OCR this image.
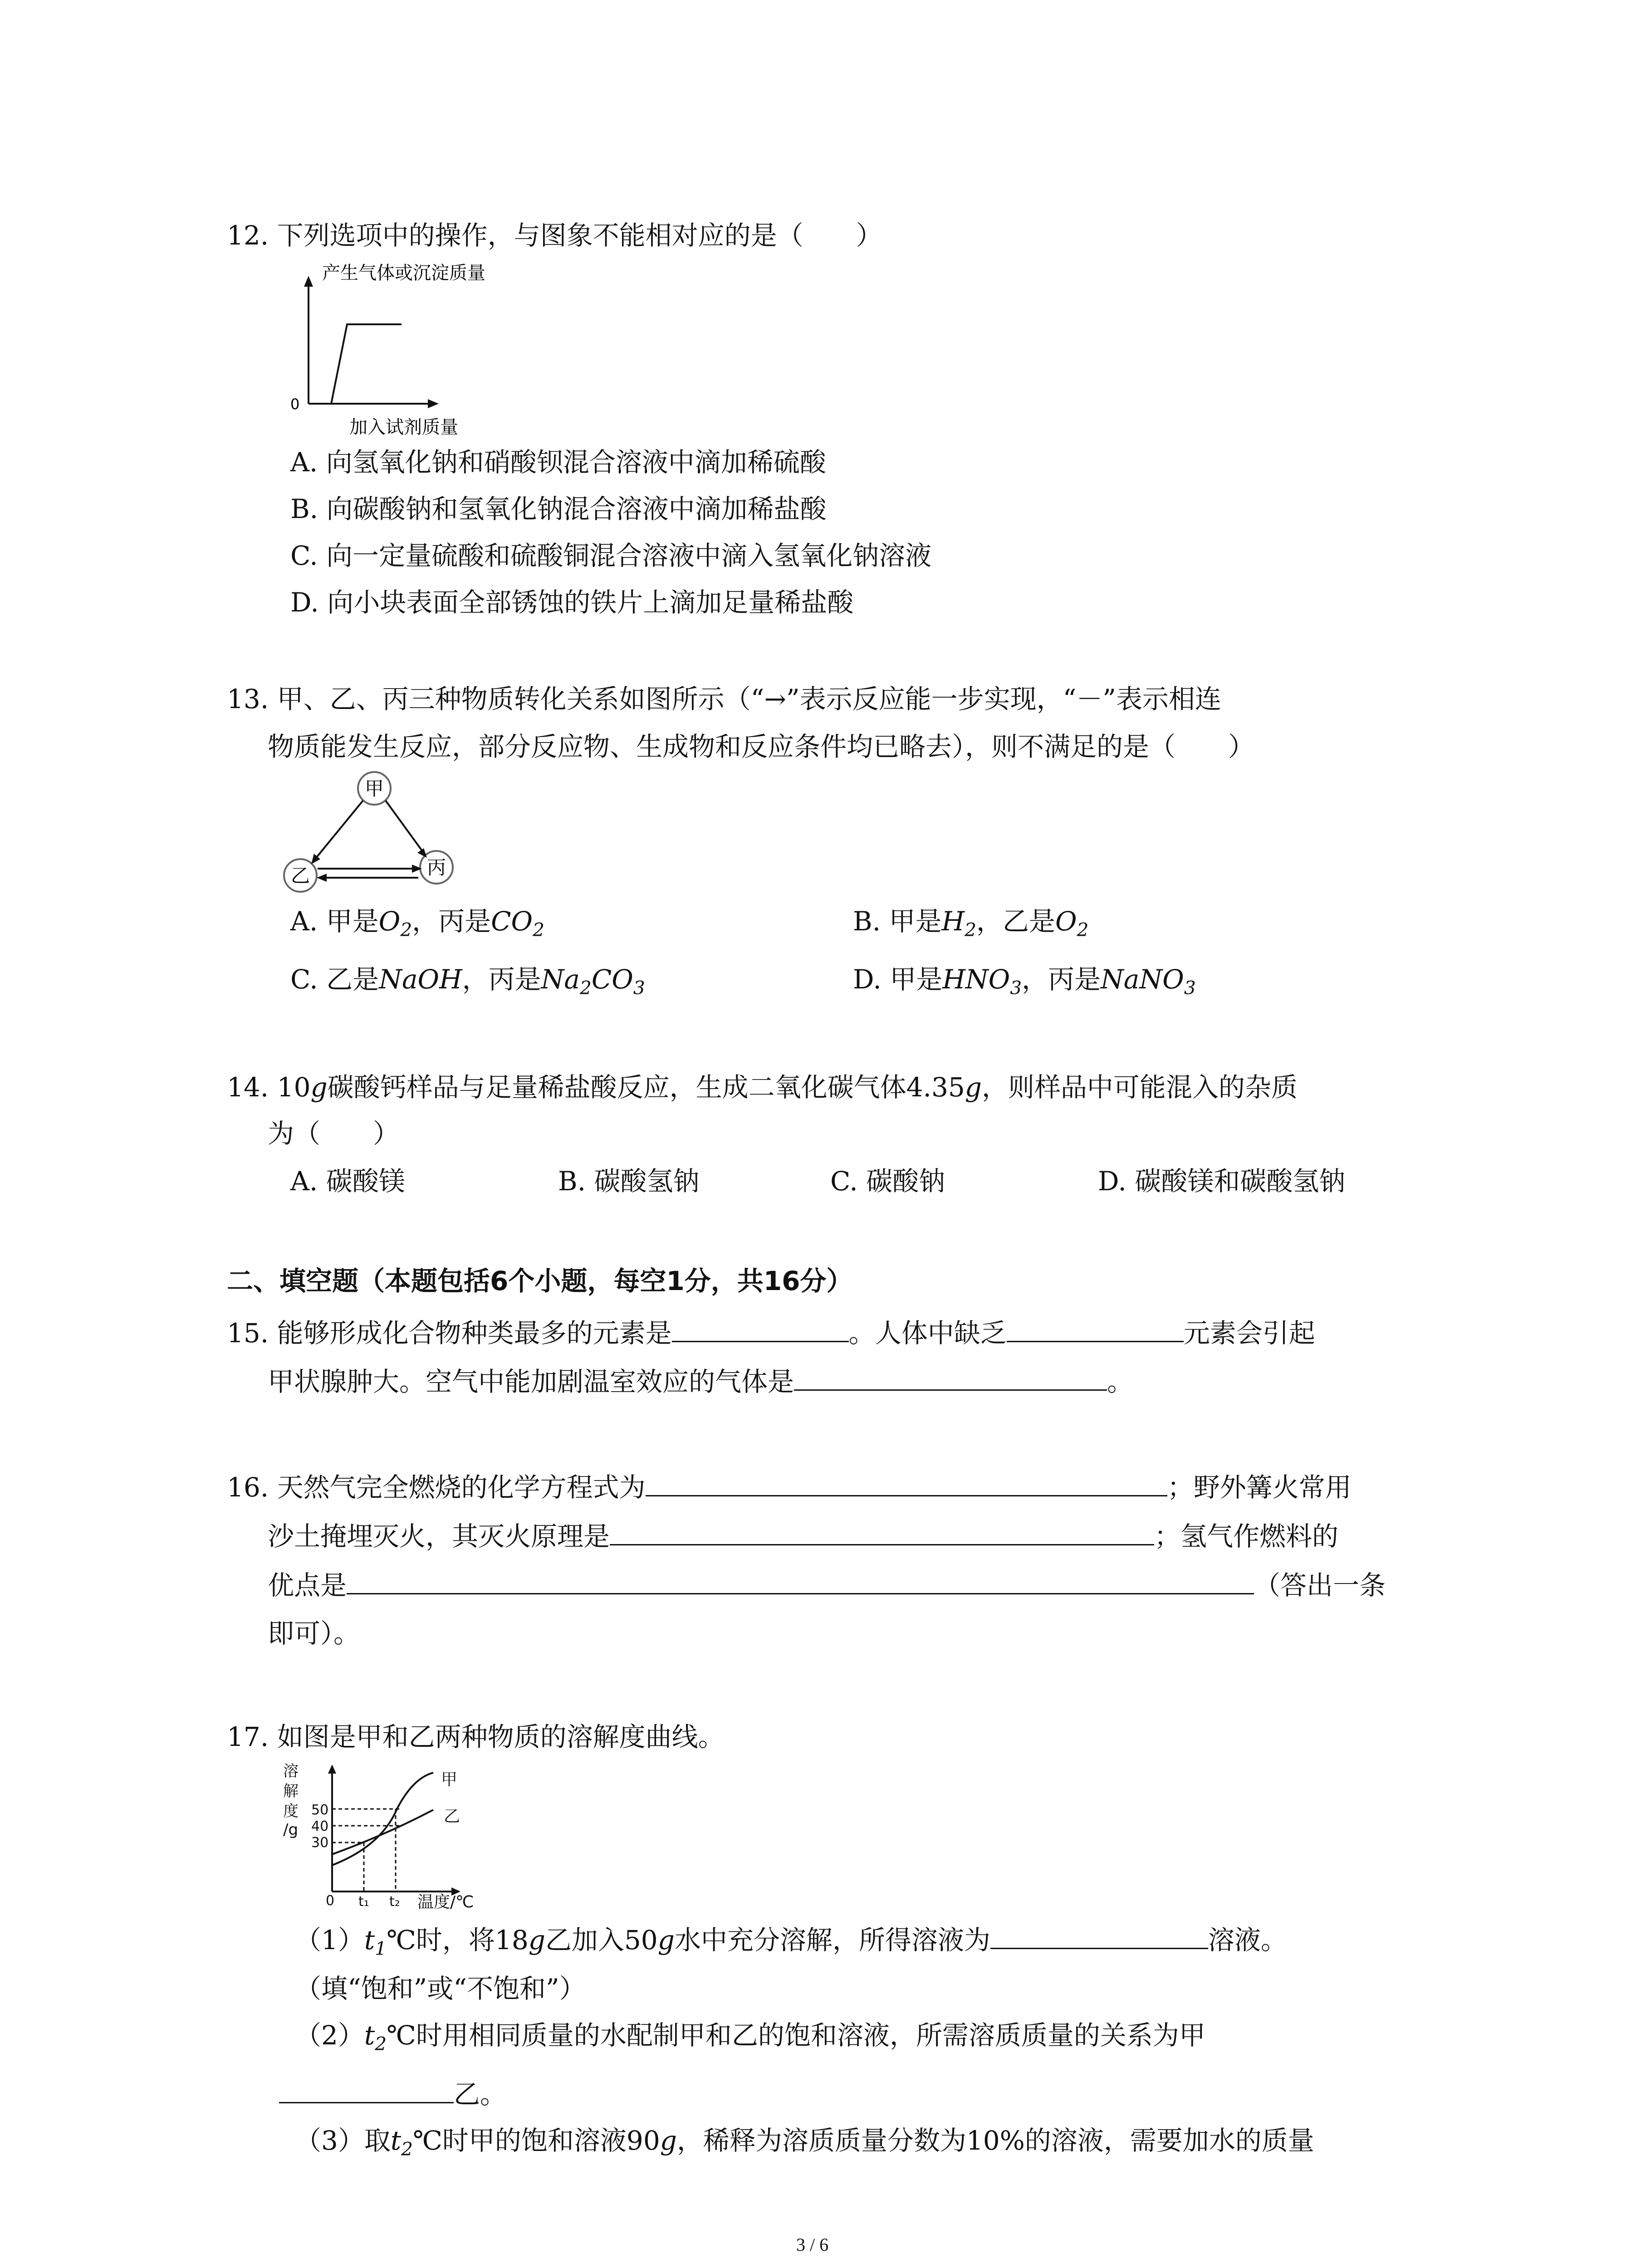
12. 下列选项中的操作，与图象不能相对应的是（　　）
产生气体或沉淀质量
0
加入试剂质量
A. 向氢氧化钠和硝酸钡混合溶液中滴加稀硫酸
B. 向碳酸钠和氢氧化钠混合溶液中滴加稀盐酸
C. 向一定量硫酸和硫酸铜混合溶液中滴入氢氧化钠溶液
D. 向小块表面全部锈蚀的铁片上滴加足量稀盐酸
13. 甲、乙、丙三种物质转化关系如图所示（“→”表示反应能一步实现，“－”表示相连
物质能发生反应，部分反应物、生成物和反应条件均已略去），则不满足的是（　　）
甲
乙	丙
A. 甲是$O_2$，丙是$CO_2$	B. 甲是$H_2$，乙是$O_2$
C. 乙是NaOH，丙是$Na_2CO_3$	D. 甲是$HNO_3$，丙是NaNO$_3$
14. 10g碳酸钙样品与足量稀盐酸反应，生成二氧化碳气体4.35g，则样品中可能混入的杂质
为（　　）
A. 碳酸镁	B. 碳酸氢钠	C. 碳酸钠	D. 碳酸镁和碳酸氢钠
二、填空题（本题包括6个小题，每空1分，共16分）
15. 能够形成化合物种类最多的元素是	。人体中缺乏	元素会引起
甲状腺肿大。空气中能加剧温室效应的气体是	。
16. 天然气完全燃烧的化学方程式为	；野外篝火常用
沙土掩埋灭火，其灭火原理是	；氢气作燃料的
优点是	（答出一条
即可）。
17. 如图是甲和乙两种物质的溶解度曲线。
溶
解
度
/g
50
40
30
0 t₁ t₂ 温度/℃
甲
乙
$(1)t_1℃$时，将18g乙加入50g水中充分溶解，所得溶液为	溶液。
（填“饱和”或“不饱和”）
$(2)t_2℃$时用相同质量的水配制甲和乙的饱和溶液，所需溶质质量的关系为甲
乙。
（3）取$t_2℃$时甲的饱和溶液90g，稀释为溶质质量分数为10%的溶液，需要加水的质量
3 / 6
